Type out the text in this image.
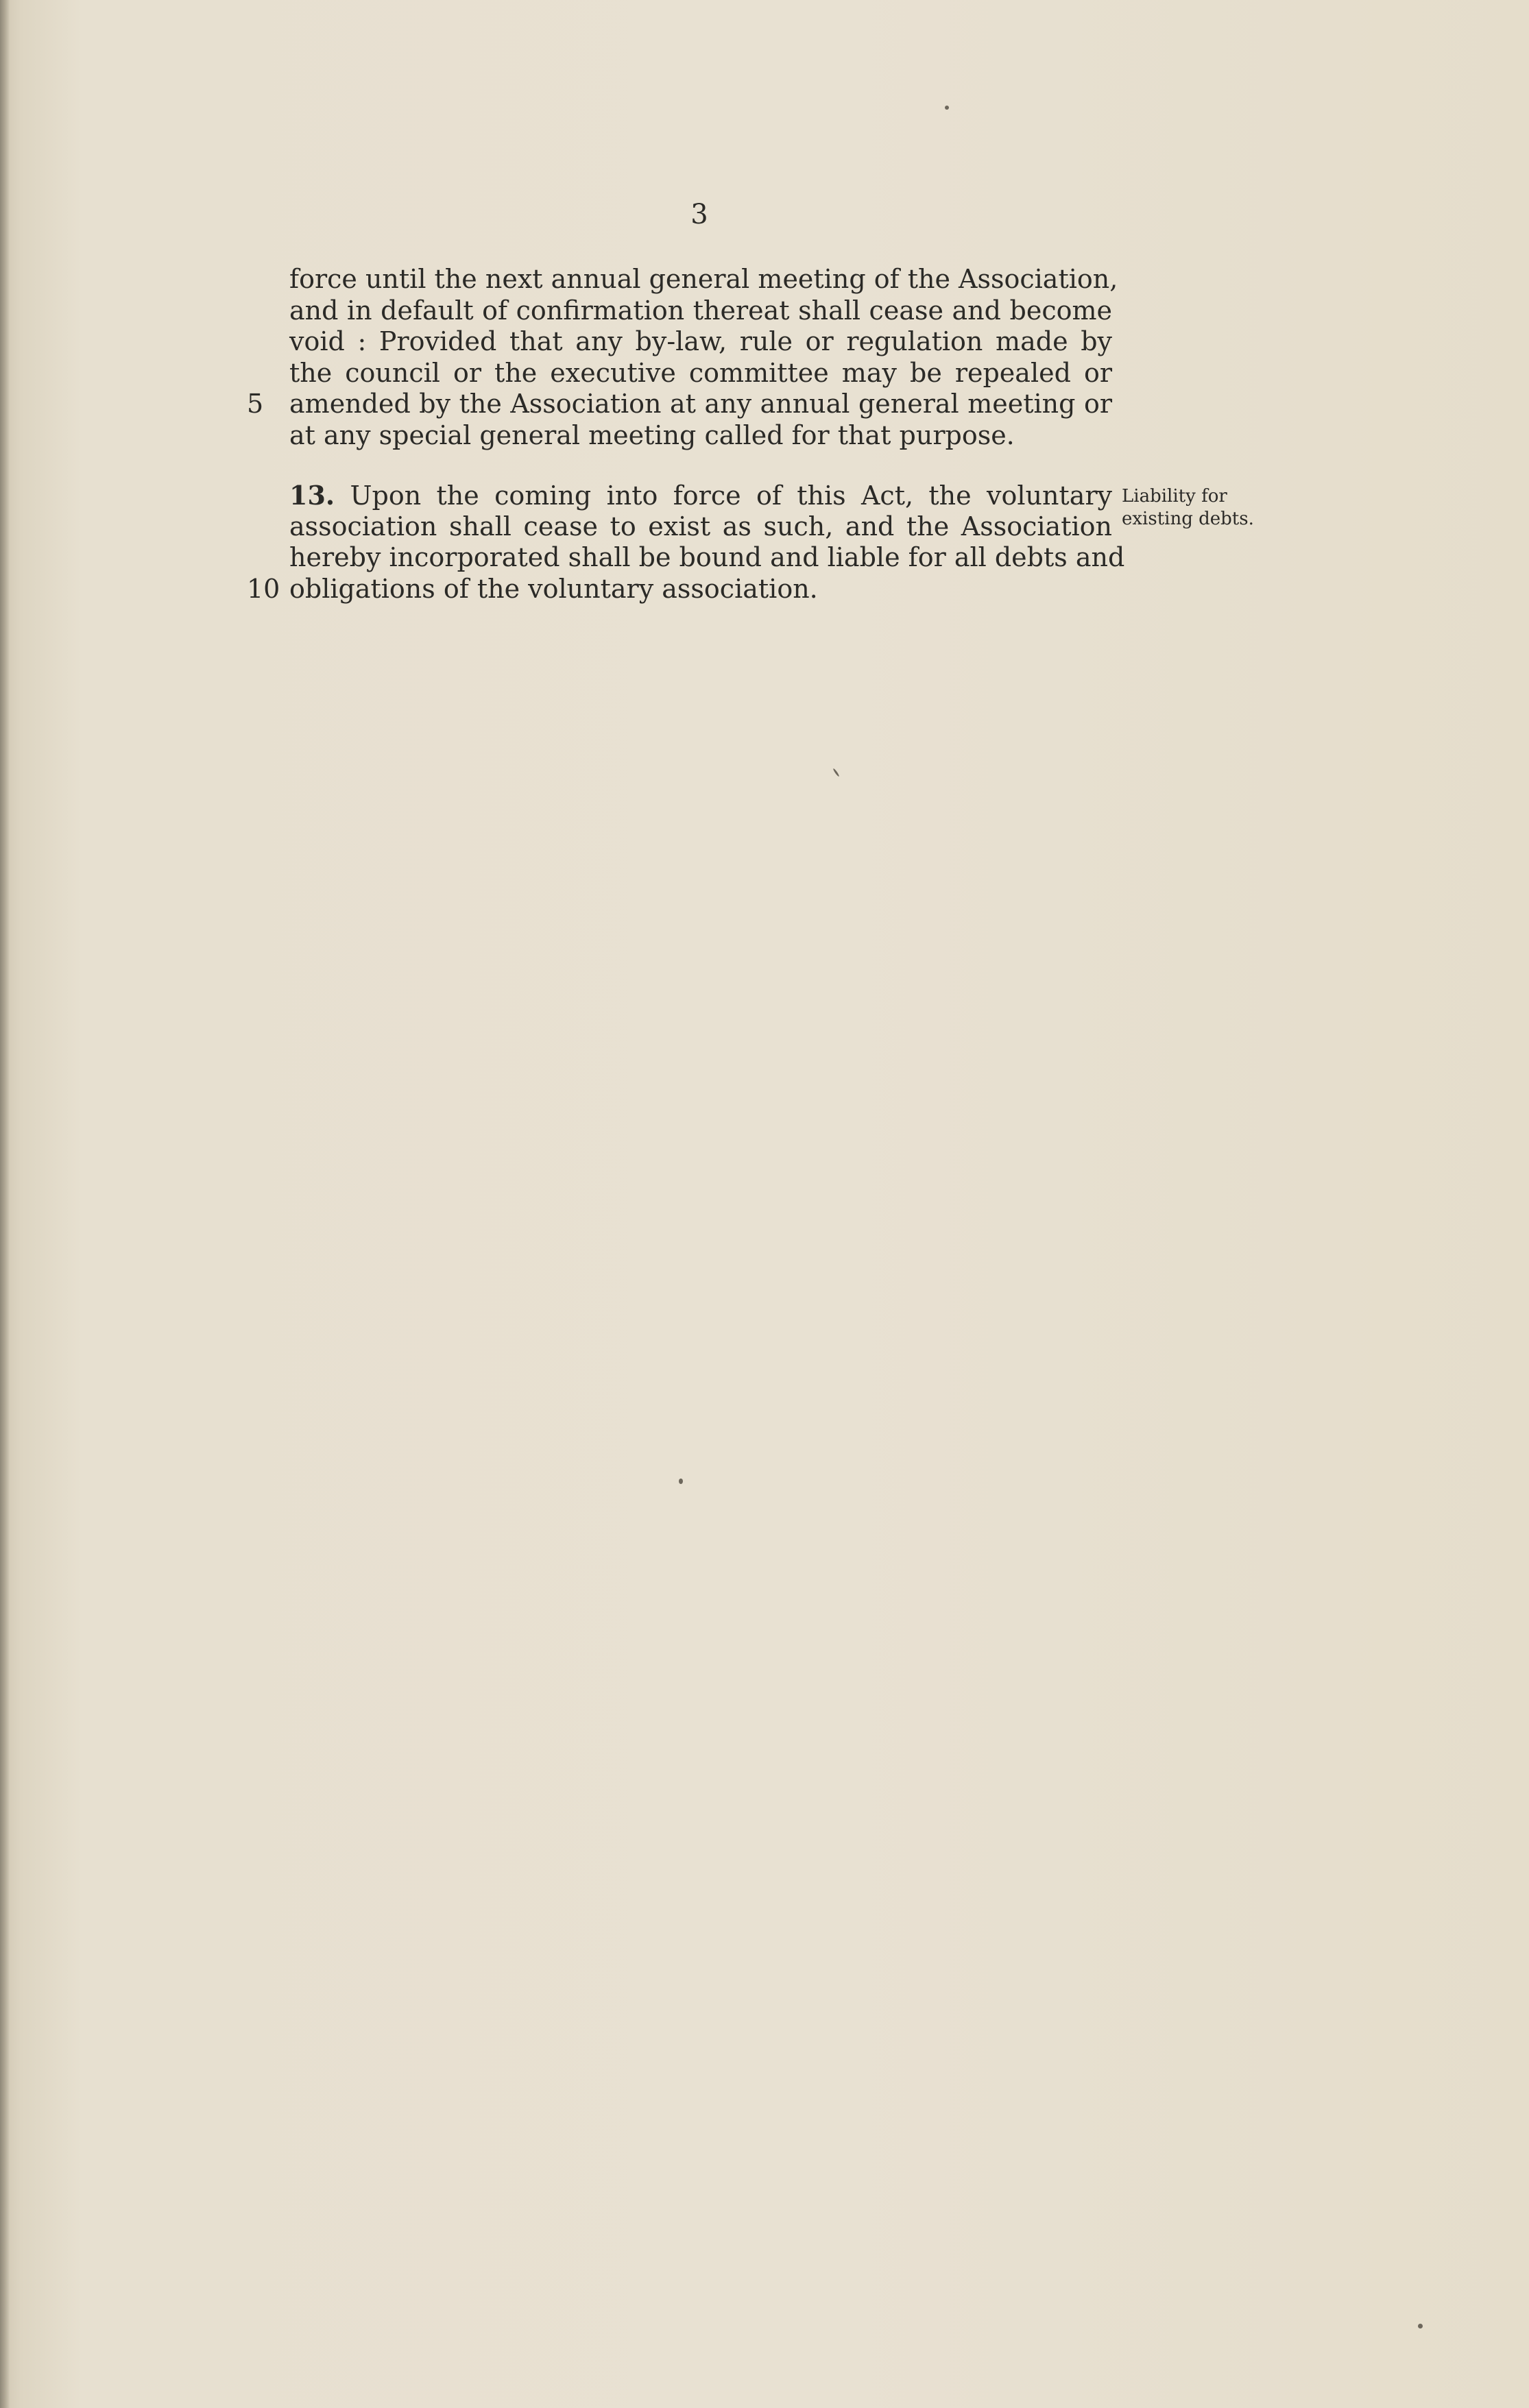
3
force until the next annual general meeting of the Association,
and in default of confirmation thereat shall cease and become
void : Provided that any by-law, rule or regulation made by
the council or the executive committee may be repealed or
5 amended by the Association at any annual general meeting or
at any special general meeting called for that purpose.
13. Upon the coming into force of this Act, the voluntary
association shall cease to exist as such, and the Association
hereby incorporated shall be bound and liable for all debts and
10 obligations of the voluntary association.
Liability for
existing debts.
